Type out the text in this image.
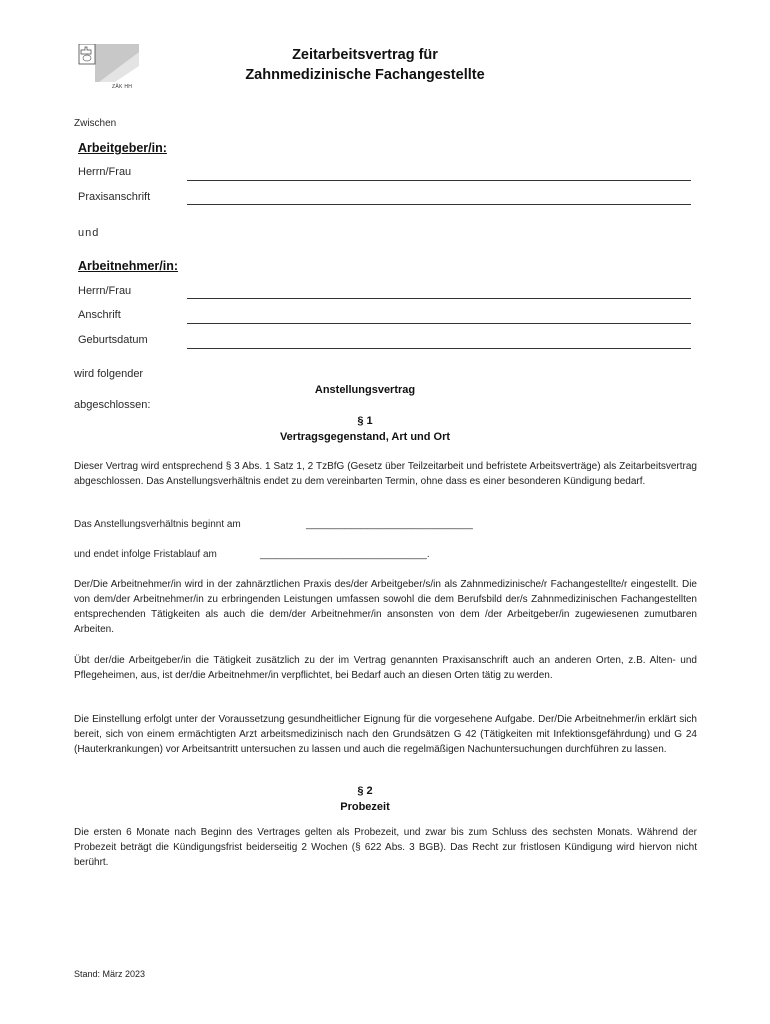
ZÄK HH
Zeitarbeitsvertrag für
Zahnmedizinische Fachangestellte
Zwischen
Arbeitgeber/in:
Herrn/Frau
Praxisanschrift
und
Arbeitnehmer/in:
Herrn/Frau
Anschrift
Geburtsdatum
wird folgender
Anstellungsvertrag
abgeschlossen:
§ 1
Vertragsgegenstand, Art und Ort

Dieser Vertrag wird entsprechend § 3 Abs. 1 Satz 1, 2 TzBfG (Gesetz über Teilzeitarbeit und befristete Arbeitsverträge) als Zeitarbeitsvertrag abgeschlossen. Das Anstellungsverhältnis endet zu dem vereinbarten Termin, ohne dass es einer besonderen Kündigung bedarf.

Das Anstellungsverhältnis beginnt am	______________________________
und endet infolge Fristablauf am	______________________________.

Der/Die Arbeitnehmer/in wird in der zahnärztlichen Praxis des/der Arbeitgeber/s/in als Zahnmedizinische/r Fachangestellte/r eingestellt. Die von dem/der Arbeitnehmer/in zu erbringenden Leistungen umfassen sowohl die dem Berufsbild der/s Zahnmedizinischen Fachangestellten entsprechenden Tätigkeiten als auch die dem/der Arbeitnehmer/in ansonsten von dem /der Arbeitgeber/in zugewiesenen zumutbaren Arbeiten.

Übt der/die Arbeitgeber/in die Tätigkeit zusätzlich zu der im Vertrag genannten Praxisanschrift auch an anderen Orten, z.B. Alten- und Pflegeheimen, aus, ist der/die Arbeitnehmer/in verpflichtet, bei Bedarf auch an diesen Orten tätig zu werden.

Die Einstellung erfolgt unter der Voraussetzung gesundheitlicher Eignung für die vorgesehene Aufgabe. Der/Die Arbeitnehmer/in erklärt sich bereit, sich von einem ermächtigten Arzt arbeitsmedizinisch nach den Grundsätzen G 42 (Tätigkeiten mit Infektionsgefährdung) und G 24 (Hauterkrankungen) vor Arbeitsantritt untersuchen zu lassen und auch die regelmäßigen Nachuntersuchungen durchführen zu lassen.

§ 2
Probezeit

Die ersten 6 Monate nach Beginn des Vertrages gelten als Probezeit, und zwar bis zum Schluss des sechsten Monats. Während der Probezeit beträgt die Kündigungsfrist beiderseitig 2 Wochen (§ 622 Abs. 3 BGB). Das Recht zur fristlosen Kündigung wird hiervon nicht berührt.

Stand: März 2023
